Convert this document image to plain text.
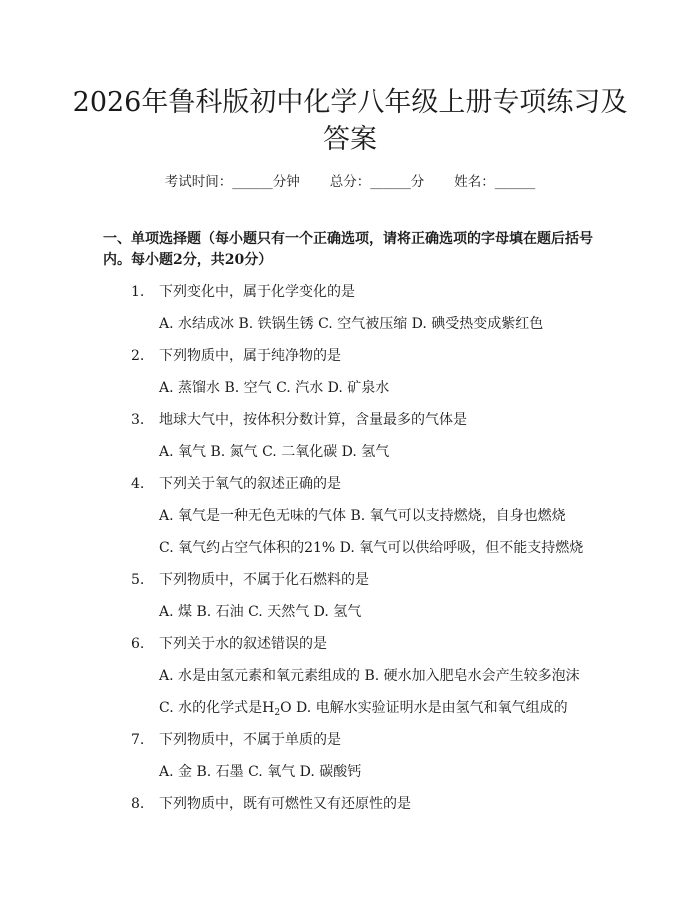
2026年鲁科版初中化学八年级上册专项练习及答案
考试时间：______分钟 总分：______分 姓名：______
一、单项选择题（每小题只有一个正确选项，请将正确选项的字母填在题后括号内。每小题2分，共20分）
1. 下列变化中，属于化学变化的是
A. 水结成冰 B. 铁锅生锈 C. 空气被压缩 D. 碘受热变成紫红色
2. 下列物质中，属于纯净物的是
A. 蒸馏水 B. 空气 C. 汽水 D. 矿泉水
3. 地球大气中，按体积分数计算，含量最多的气体是
A. 氧气 B. 氮气 C. 二氧化碳 D. 氢气
4. 下列关于氧气的叙述正确的是
A. 氧气是一种无色无味的气体 B. 氧气可以支持燃烧，自身也燃烧
C. 氧气约占空气体积的21% D. 氧气可以供给呼吸，但不能支持燃烧
5. 下列物质中，不属于化石燃料的是
A. 煤 B. 石油 C. 天然气 D. 氢气
6. 下列关于水的叙述错误的是
A. 水是由氢元素和氧元素组成的 B. 硬水加入肥皂水会产生较多泡沫
C. 水的化学式是$H_2O$ D. 电解水实验证明水是由氢气和氧气组成的
7. 下列物质中，不属于单质的是
A. 金 B. 石墨 C. 氧气 D. 碳酸钙
8. 下列物质中，既有可燃性又有还原性的是
